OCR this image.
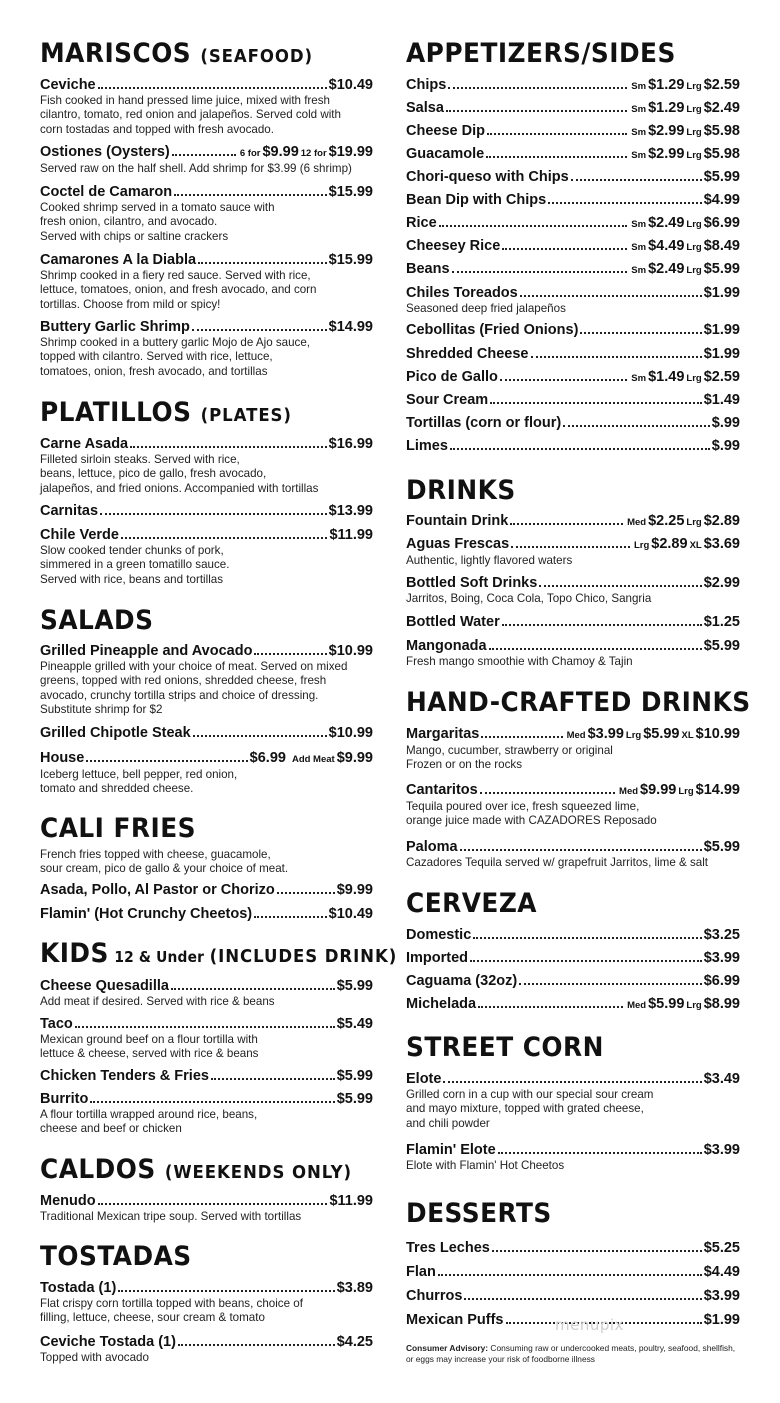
MARISCOS (SEAFOOD)
Ceviche	$10.49
Fish cooked in hand pressed lime juice, mixed with fresh
cilantro, tomato, red onion and jalapeños. Served cold with
corn tostadas and topped with fresh avocado.
Ostiones (Oysters)	6 for $9.99 12 for $19.99
Served raw on the half shell. Add shrimp for $3.99 (6 shrimp)
Coctel de Camaron	$15.99
Cooked shrimp served in a tomato sauce with
fresh onion, cilantro, and avocado.
Served with chips or saltine crackers
Camarones A la Diabla	$15.99
Shrimp cooked in a fiery red sauce. Served with rice,
lettuce, tomatoes, onion, and fresh avocado, and corn
tortillas. Choose from mild or spicy!
Buttery Garlic Shrimp	$14.99
Shrimp cooked in a buttery garlic Mojo de Ajo sauce,
topped with cilantro. Served with rice, lettuce,
tomatoes, onion, fresh avocado, and tortillas
PLATILLOS (PLATES)
Carne Asada	$16.99
Filleted sirloin steaks. Served with rice,
beans, lettuce, pico de gallo, fresh avocado,
jalapeños, and fried onions. Accompanied with tortillas
Carnitas	$13.99
Chile Verde	$11.99
Slow cooked tender chunks of pork,
simmered in a green tomatillo sauce.
Served with rice, beans and tortillas
SALADS
Grilled Pineapple and Avocado	$10.99
Pineapple grilled with your choice of meat. Served on mixed
greens, topped with red onions, shredded cheese, fresh
avocado, crunchy tortilla strips and choice of dressing.
Substitute shrimp for $2
Grilled Chipotle Steak	$10.99
House	$6.99 Add Meat $9.99
Iceberg lettuce, bell pepper, red onion,
tomato and shredded cheese.
CALI FRIES
French fries topped with cheese, guacamole,
sour cream, pico de gallo & your choice of meat.
Asada, Pollo, Al Pastor or Chorizo	$9.99
Flamin' (Hot Crunchy Cheetos)	$10.49
KIDS 12 & Under (INCLUDES DRINK)
Cheese Quesadilla	$5.99
Add meat if desired. Served with rice & beans
Taco	$5.49
Mexican ground beef on a flour tortilla with
lettuce & cheese, served with rice & beans
Chicken Tenders & Fries	$5.99
Burrito	$5.99
A flour tortilla wrapped around rice, beans,
cheese and beef or chicken
CALDOS (WEEKENDS ONLY)
Menudo	$11.99
Traditional Mexican tripe soup. Served with tortillas
TOSTADAS
Tostada (1)	$3.89
Flat crispy corn tortilla topped with beans, choice of
filling, lettuce, cheese, sour cream & tomato
Ceviche Tostada (1)	$4.25
Topped with avocado
APPETIZERS/SIDES
Chips	Sm $1.29 Lrg $2.59
Salsa	Sm $1.29 Lrg $2.49
Cheese Dip	Sm $2.99 Lrg $5.98
Guacamole	Sm $2.99 Lrg $5.98
Chori-queso with Chips	$5.99
Bean Dip with Chips	$4.99
Rice	Sm $2.49 Lrg $6.99
Cheesey Rice	Sm $4.49 Lrg $8.49
Beans	Sm $2.49 Lrg $5.99
Chiles Toreados	$1.99
Seasoned deep fried jalapeños
Cebollitas (Fried Onions)	$1.99
Shredded Cheese	$1.99
Pico de Gallo	Sm $1.49 Lrg $2.59
Sour Cream	$1.49
Tortillas (corn or flour)	$.99
Limes	$.99
DRINKS
Fountain Drink	Med $2.25 Lrg $2.89
Aguas Frescas	Lrg $2.89 XL $3.69
Authentic, lightly flavored waters
Bottled Soft Drinks	$2.99
Jarritos, Boing, Coca Cola, Topo Chico, Sangria
Bottled Water	$1.25
Mangonada	$5.99
Fresh mango smoothie with Chamoy & Tajin
HAND-CRAFTED DRINKS
Margaritas	Med $3.99 Lrg $5.99 XL $10.99
Mango, cucumber, strawberry or original
Frozen or on the rocks
Cantaritos	Med $9.99 Lrg $14.99
Tequila poured over ice, fresh squeezed lime,
orange juice made with CAZADORES Reposado
Paloma	$5.99
Cazadores Tequila served w/ grapefruit Jarritos, lime & salt
CERVEZA
Domestic	$3.25
Imported	$3.99
Caguama (32oz)	$6.99
Michelada	Med $5.99 Lrg $8.99
STREET CORN
Elote	$3.49
Grilled corn in a cup with our special sour cream
and mayo mixture, topped with grated cheese,
and chili powder
Flamin' Elote	$3.99
Elote with Flamin' Hot Cheetos
DESSERTS
Tres Leches	$5.25
Flan	$4.49
Churros	$3.99
Mexican Puffs	$1.99
Consumer Advisory: Consuming raw or undercooked meats, poultry, seafood, shellfish, or eggs may increase your risk of foodborne illness
menupix
